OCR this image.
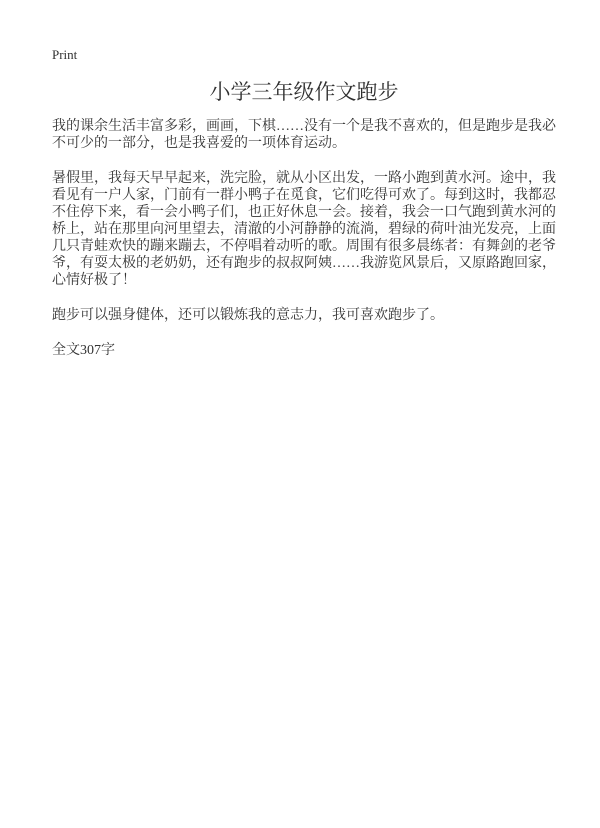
Print
小学三年级作文跑步

我的课余生活丰富多彩，画画，下棋……没有一个是我不喜欢的，但是跑步是我必不可少的一部分，也是我喜爱的一项体育运动。

暑假里，我每天早早起来，洗完脸，就从小区出发，一路小跑到黄水河。途中，我看见有一户人家，门前有一群小鸭子在觅食，它们吃得可欢了。每到这时，我都忍不住停下来，看一会小鸭子们，也正好休息一会。接着，我会一口气跑到黄水河的桥上，站在那里向河里望去，清澈的小河静静的流淌，碧绿的荷叶油光发亮，上面几只青蛙欢快的蹦来蹦去，不停唱着动听的歌。周围有很多晨练者：有舞剑的老爷爷，有耍太极的老奶奶，还有跑步的叔叔阿姨……我游览风景后，又原路跑回家，心情好极了！

跑步可以强身健体，还可以锻炼我的意志力，我可喜欢跑步了。

全文307字
